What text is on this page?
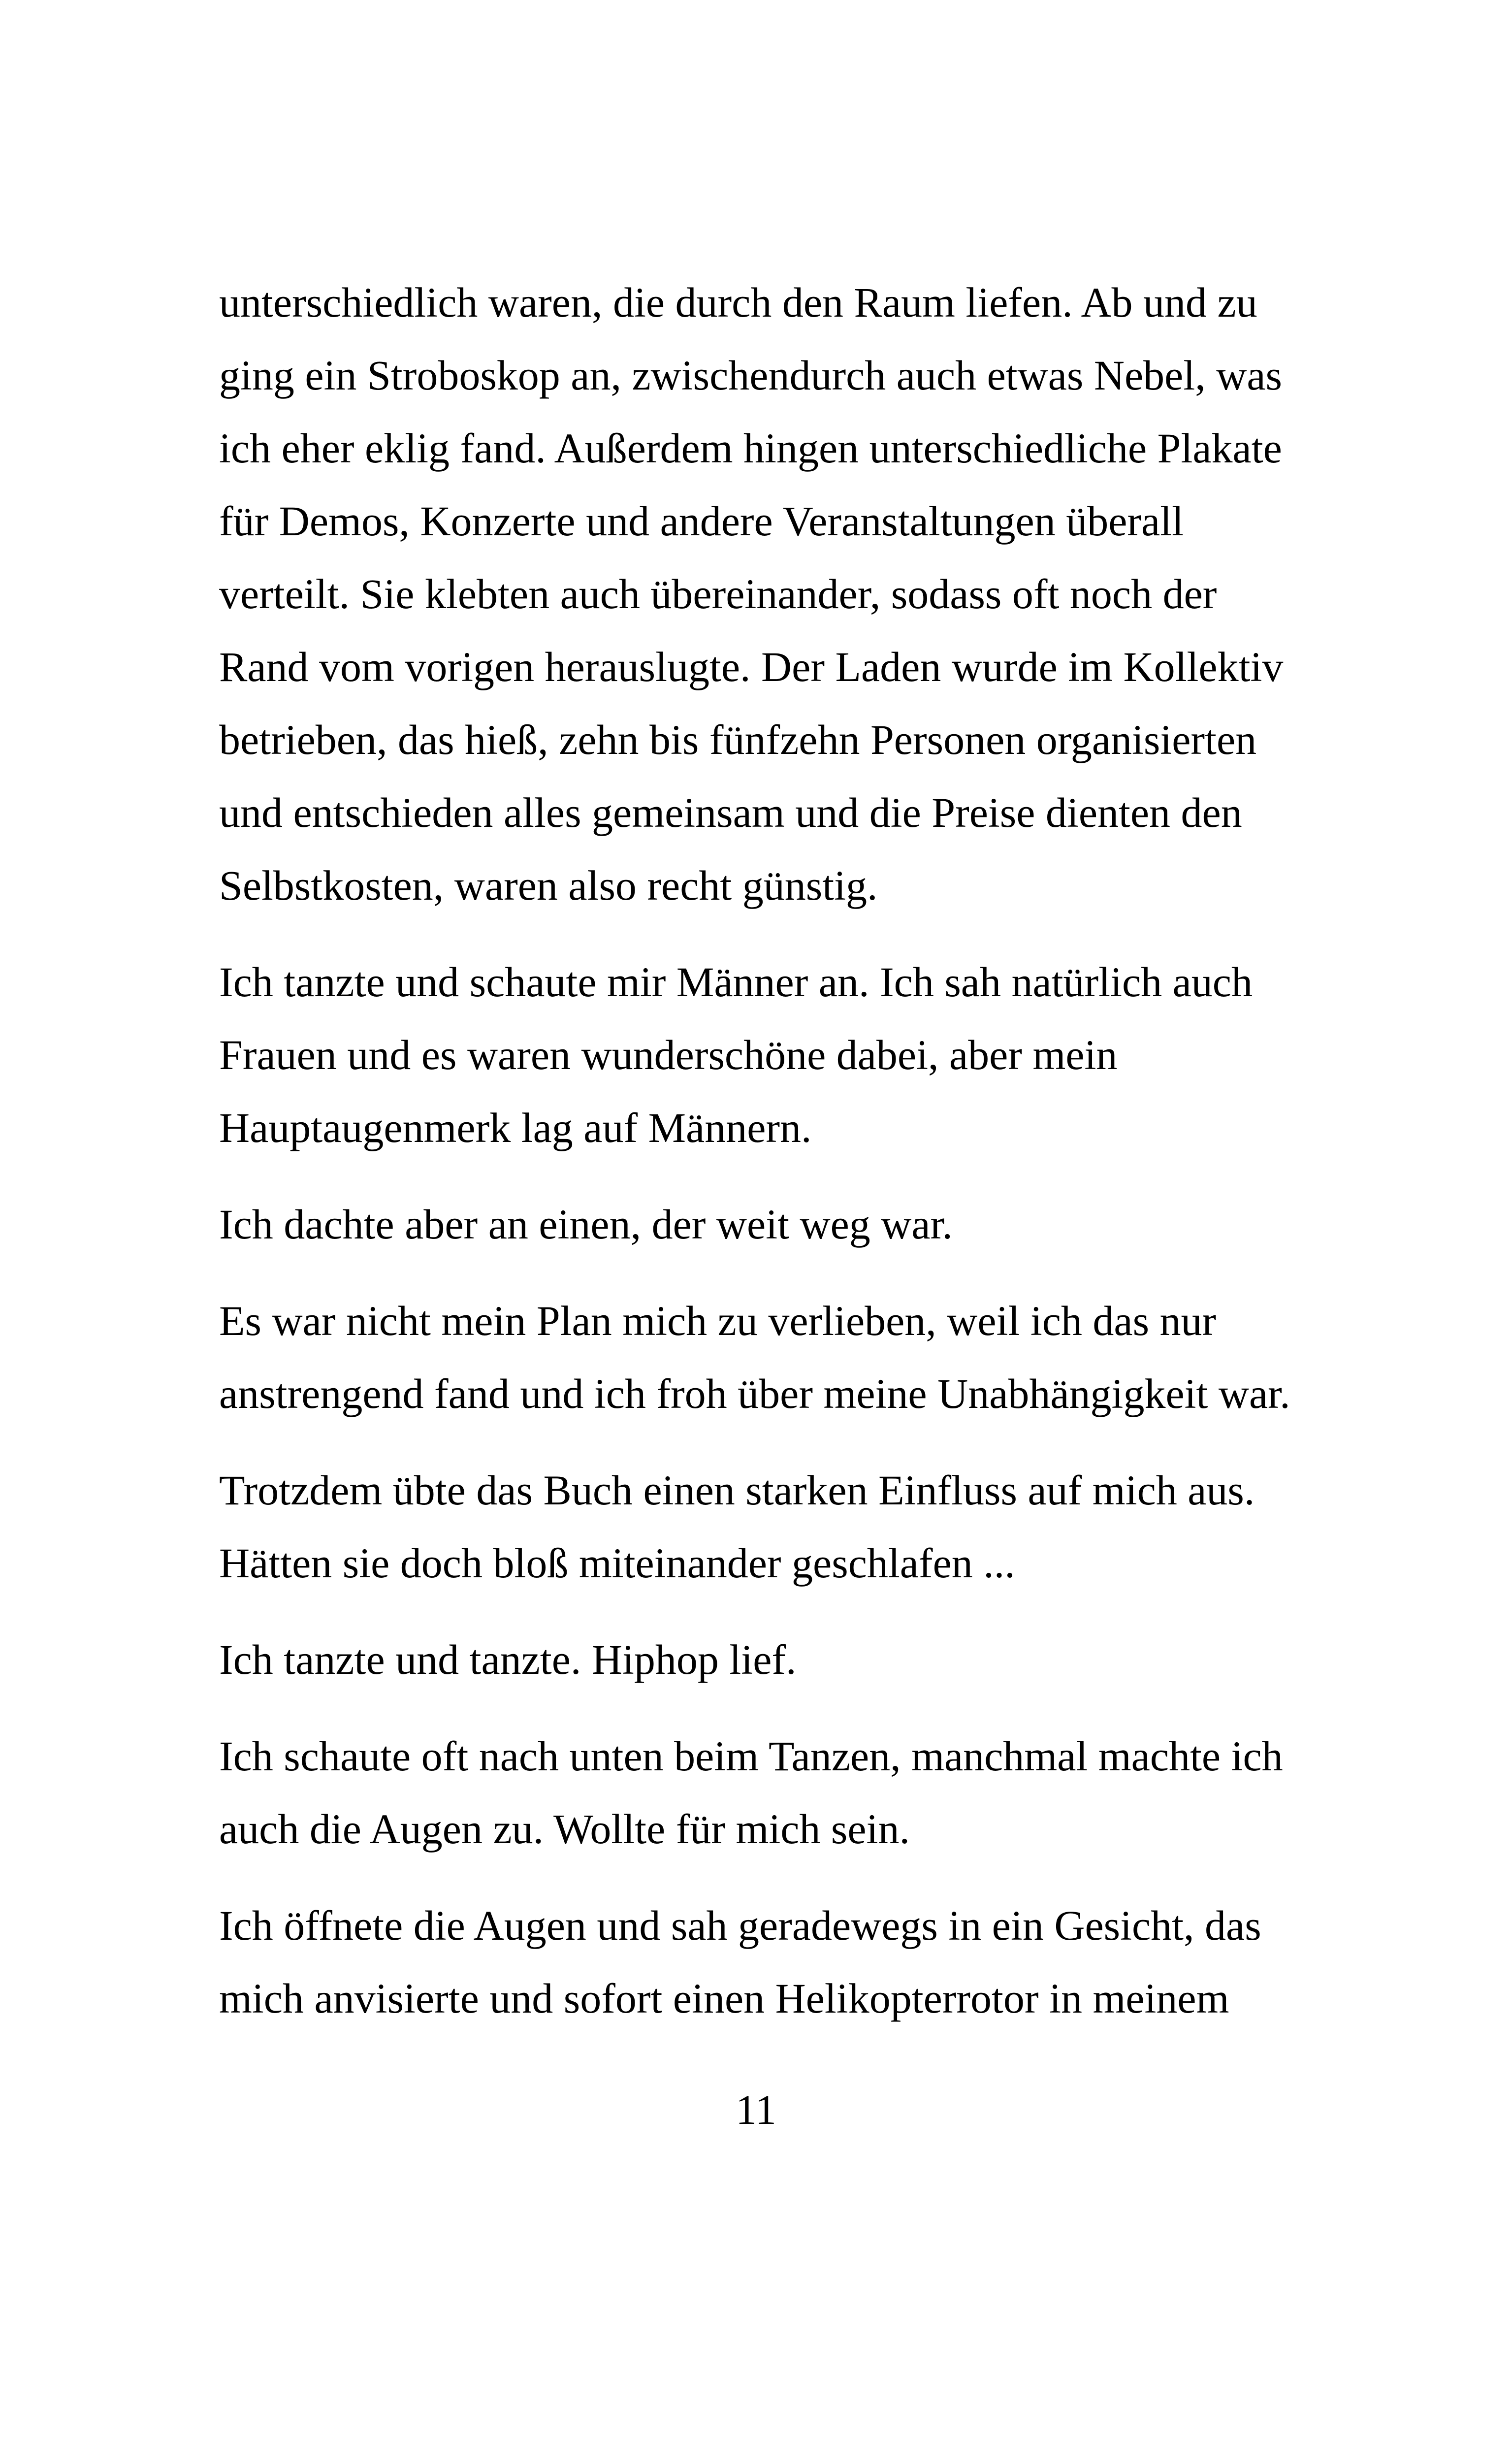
unterschiedlich waren, die durch den Raum liefen. Ab und zu
ging ein Stroboskop an, zwischendurch auch etwas Nebel, was
ich eher eklig fand. Außerdem hingen unterschiedliche Plakate
für Demos, Konzerte und andere Veranstaltungen überall
verteilt. Sie klebten auch übereinander, sodass oft noch der
Rand vom vorigen herauslugte. Der Laden wurde im Kollektiv
betrieben, das hieß, zehn bis fünfzehn Personen organisierten
und entschieden alles gemeinsam und die Preise dienten den
Selbstkosten, waren also recht günstig.
Ich tanzte und schaute mir Männer an. Ich sah natürlich auch
Frauen und es waren wunderschöne dabei, aber mein
Hauptaugenmerk lag auf Männern.
Ich dachte aber an einen, der weit weg war.
Es war nicht mein Plan mich zu verlieben, weil ich das nur
anstrengend fand und ich froh über meine Unabhängigkeit war.
Trotzdem übte das Buch einen starken Einfluss auf mich aus.
Hätten sie doch bloß miteinander geschlafen ...
Ich tanzte und tanzte. Hiphop lief.
Ich schaute oft nach unten beim Tanzen, manchmal machte ich
auch die Augen zu. Wollte für mich sein.
Ich öffnete die Augen und sah geradewegs in ein Gesicht, das
mich anvisierte und sofort einen Helikopterrotor in meinem
11
